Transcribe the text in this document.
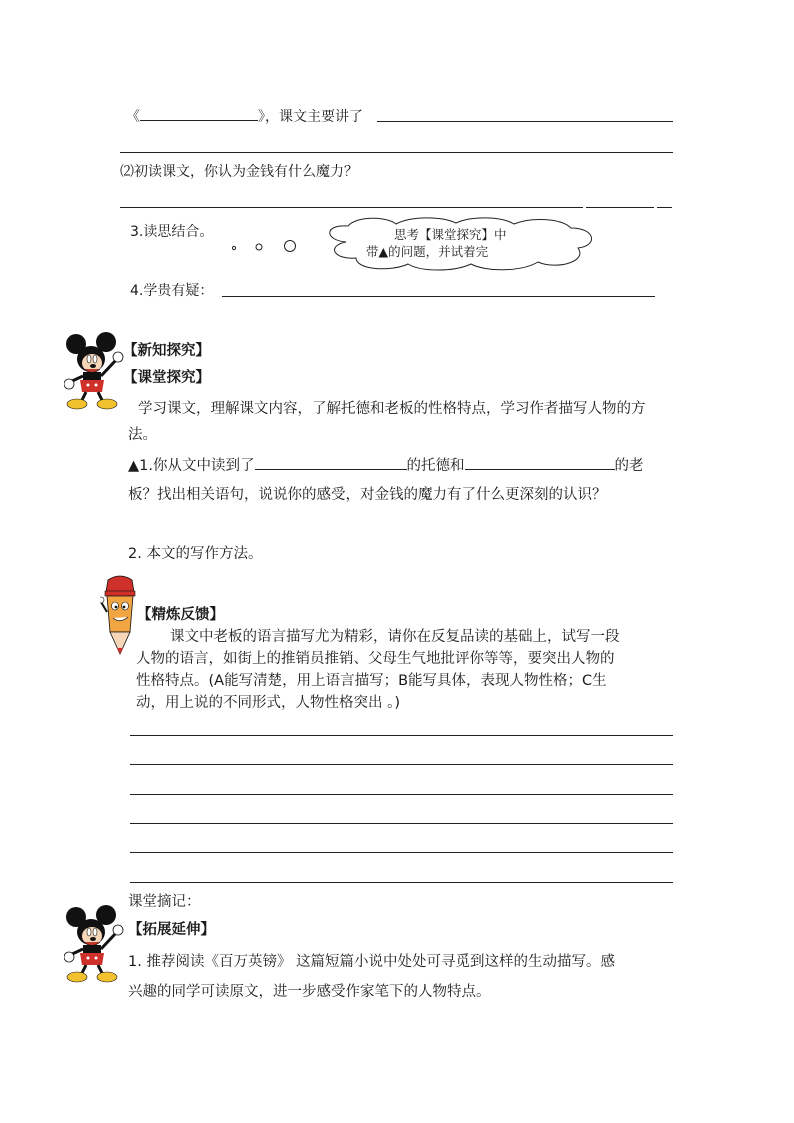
《	》，课文主要讲了
⑵初读课文，你认为金钱有什么魔力？
3.读思结合。	思考【课堂探究】中
带▲的问题，并试着完
4.学贵有疑：
【新知探究】
【课堂探究】
学习课文，理解课文内容，了解托德和老板的性格特点，学习作者描写人物的方法。
▲1.你从文中读到了	的托德和	的老
板？找出相关语句，说说你的感受，对金钱的魔力有了什么更深刻的认识？
2. 本文的写作方法。
【精炼反馈】
课文中老板的语言描写尤为精彩，请你在反复品读的基础上，试写一段
人物的语言，如街上的推销员推销、父母生气地批评你等等，要突出人物的
性格特点。(A能写清楚，用上语言描写；B能写具体，表现人物性格；C生
动，用上说的不同形式，人物性格突出 。)
课堂摘记：
【拓展延伸】
1. 推荐阅读《百万英镑》 这篇短篇小说中处处可寻觅到这样的生动描写。感
兴趣的同学可读原文，进一步感受作家笔下的人物特点。
